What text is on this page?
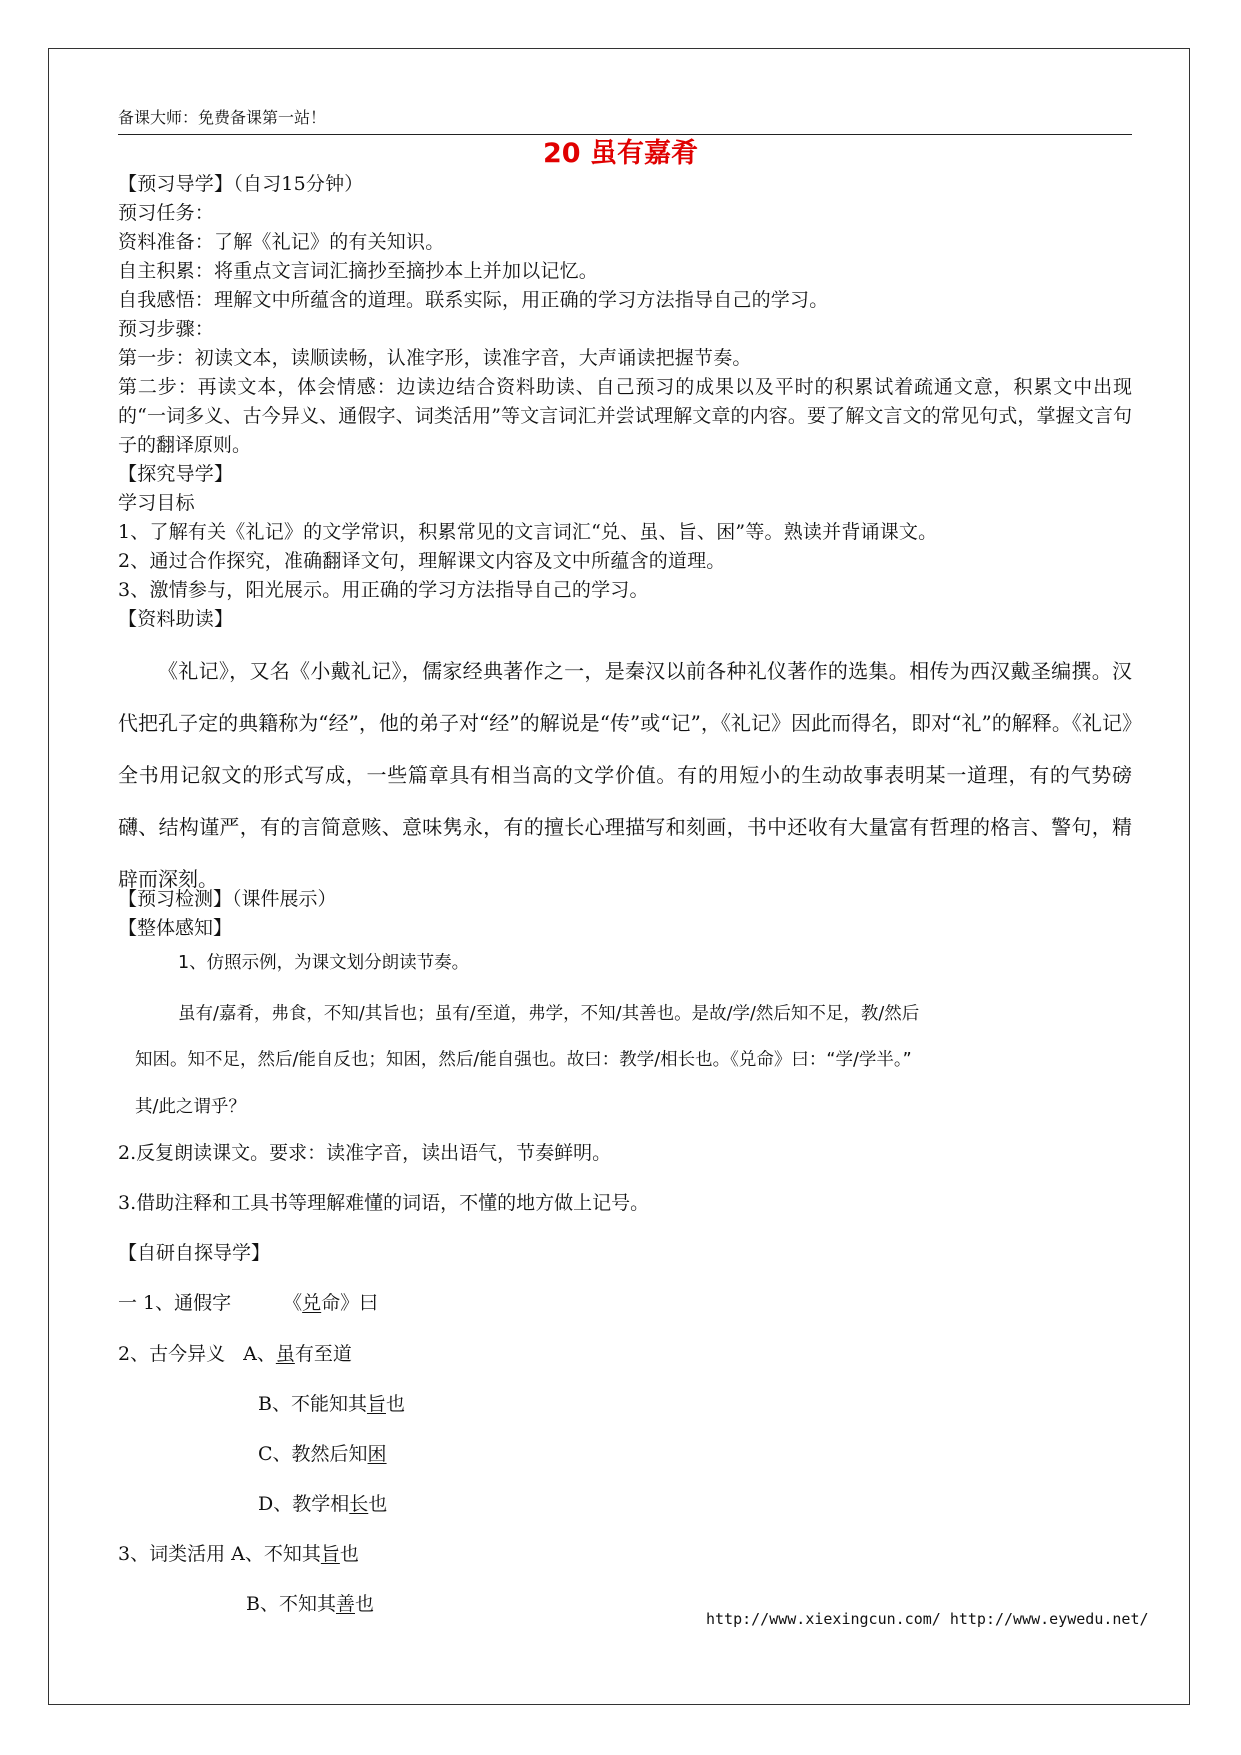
备课大师：免费备课第一站！
20 虽有嘉肴
【预习导学】（自习15分钟）
预习任务：
资料准备：了解《礼记》的有关知识。
自主积累：将重点文言词汇摘抄至摘抄本上并加以记忆。
自我感悟：理解文中所蕴含的道理。联系实际，用正确的学习方法指导自己的学习。
预习步骤：
第一步：初读文本，读顺读畅，认准字形，读准字音，大声诵读把握节奏。
第二步：再读文本，体会情感：边读边结合资料助读、自己预习的成果以及平时的积累试着疏通文意，积累文中出现的“一词多义、古今异义、通假字、词类活用”等文言词汇并尝试理解文章的内容。要了解文言文的常见句式，掌握文言句子的翻译原则。
【探究导学】
学习目标
1、了解有关《礼记》的文学常识，积累常见的文言词汇“兑、虽、旨、困”等。熟读并背诵课文。
2、通过合作探究，准确翻译文句，理解课文内容及文中所蕴含的道理。
3、激情参与，阳光展示。用正确的学习方法指导自己的学习。
【资料助读】
《礼记》，又名《小戴礼记》，儒家经典著作之一，是秦汉以前各种礼仪著作的选集。相传为西汉戴圣编撰。汉代把孔子定的典籍称为“经”，他的弟子对“经”的解说是“传”或“记”，《礼记》因此而得名，即对“礼”的解释。《礼记》全书用记叙文的形式写成，一些篇章具有相当高的文学价值。有的用短小的生动故事表明某一道理，有的气势磅礴、结构谨严，有的言简意赅、意味隽永，有的擅长心理描写和刻画，书中还收有大量富有哲理的格言、警句，精辟而深刻。
【预习检测】（课件展示）
【整体感知】
1、仿照示例，为课文划分朗读节奏。
虽有/嘉肴，弗食，不知/其旨也；虽有/至道，弗学，不知/其善也。是故/学/然后知不足，教/然后
知困。知不足，然后/能自反也；知困，然后/能自强也。故曰：教学/相长也。《兑命》曰：“学/学半。”
其/此之谓乎？
2.反复朗读课文。要求：读准字音，读出语气，节奏鲜明。
3.借助注释和工具书等理解难懂的词语，不懂的地方做上记号。
【自研自探导学】
一 1、通假字	《兑命》曰
2、古今异义 A、虽有至道
B、不能知其旨也
C、教然后知困
D、教学相长也
3、词类活用 A、不知其旨也
B、不知其善也
http://www.xiexingcun.com/ http://www.eywedu.net/
